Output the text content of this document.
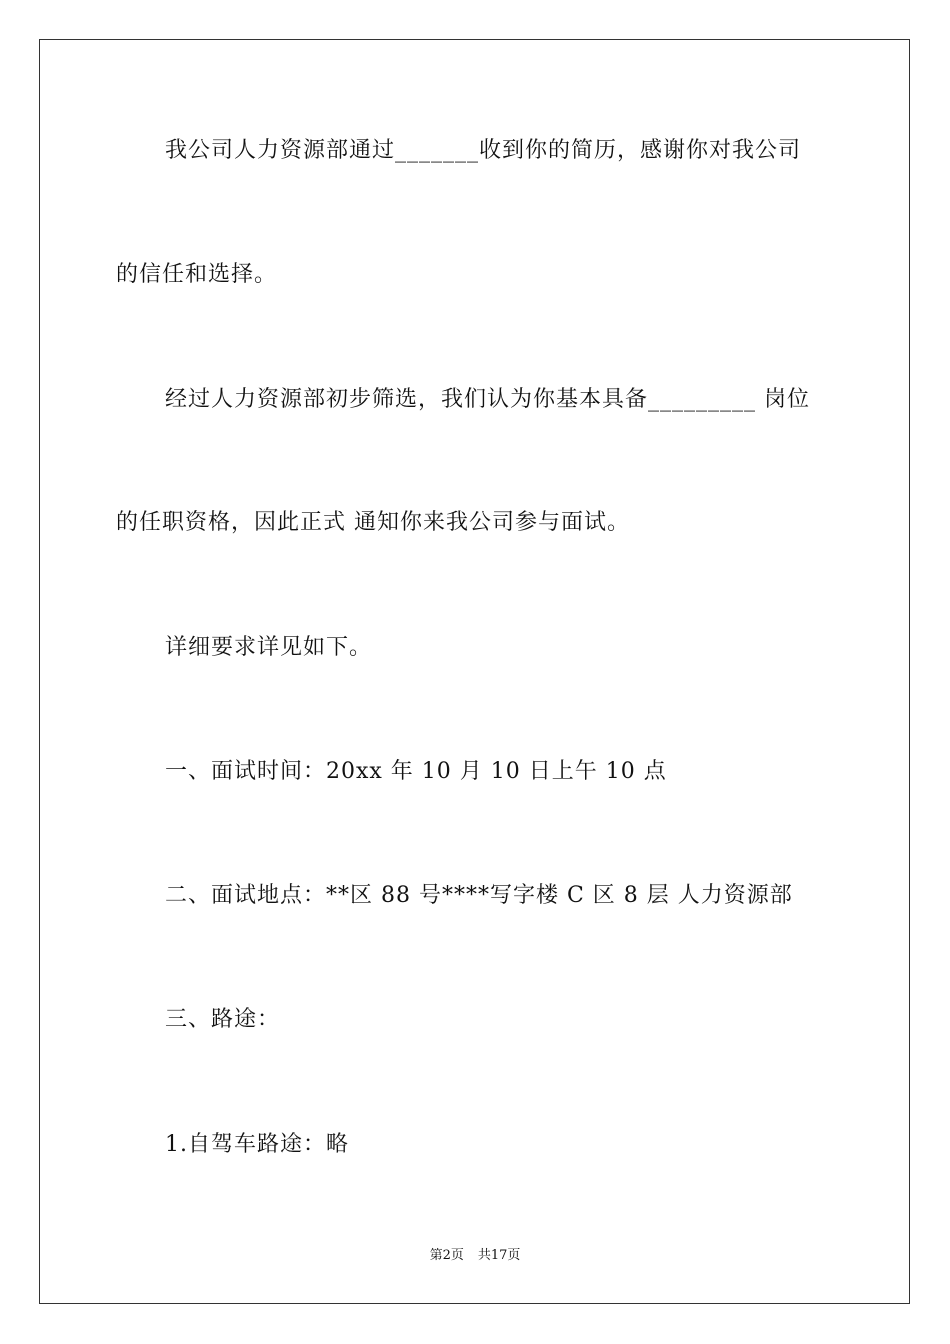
我公司人力资源部通过_______收到你的简历，感谢你对我公司
的信任和选择。
经过人力资源部初步筛选，我们认为你基本具备_________ 岗位
的任职资格，因此正式 通知你来我公司参与面试。
详细要求详见如下。
一、面试时间：20xx 年 10 月 10 日上午 10 点
二、面试地点：**区 88 号****写字楼 C 区 8 层 人力资源部
三、路途：
1.自驾车路途：略
第2页 共17页
